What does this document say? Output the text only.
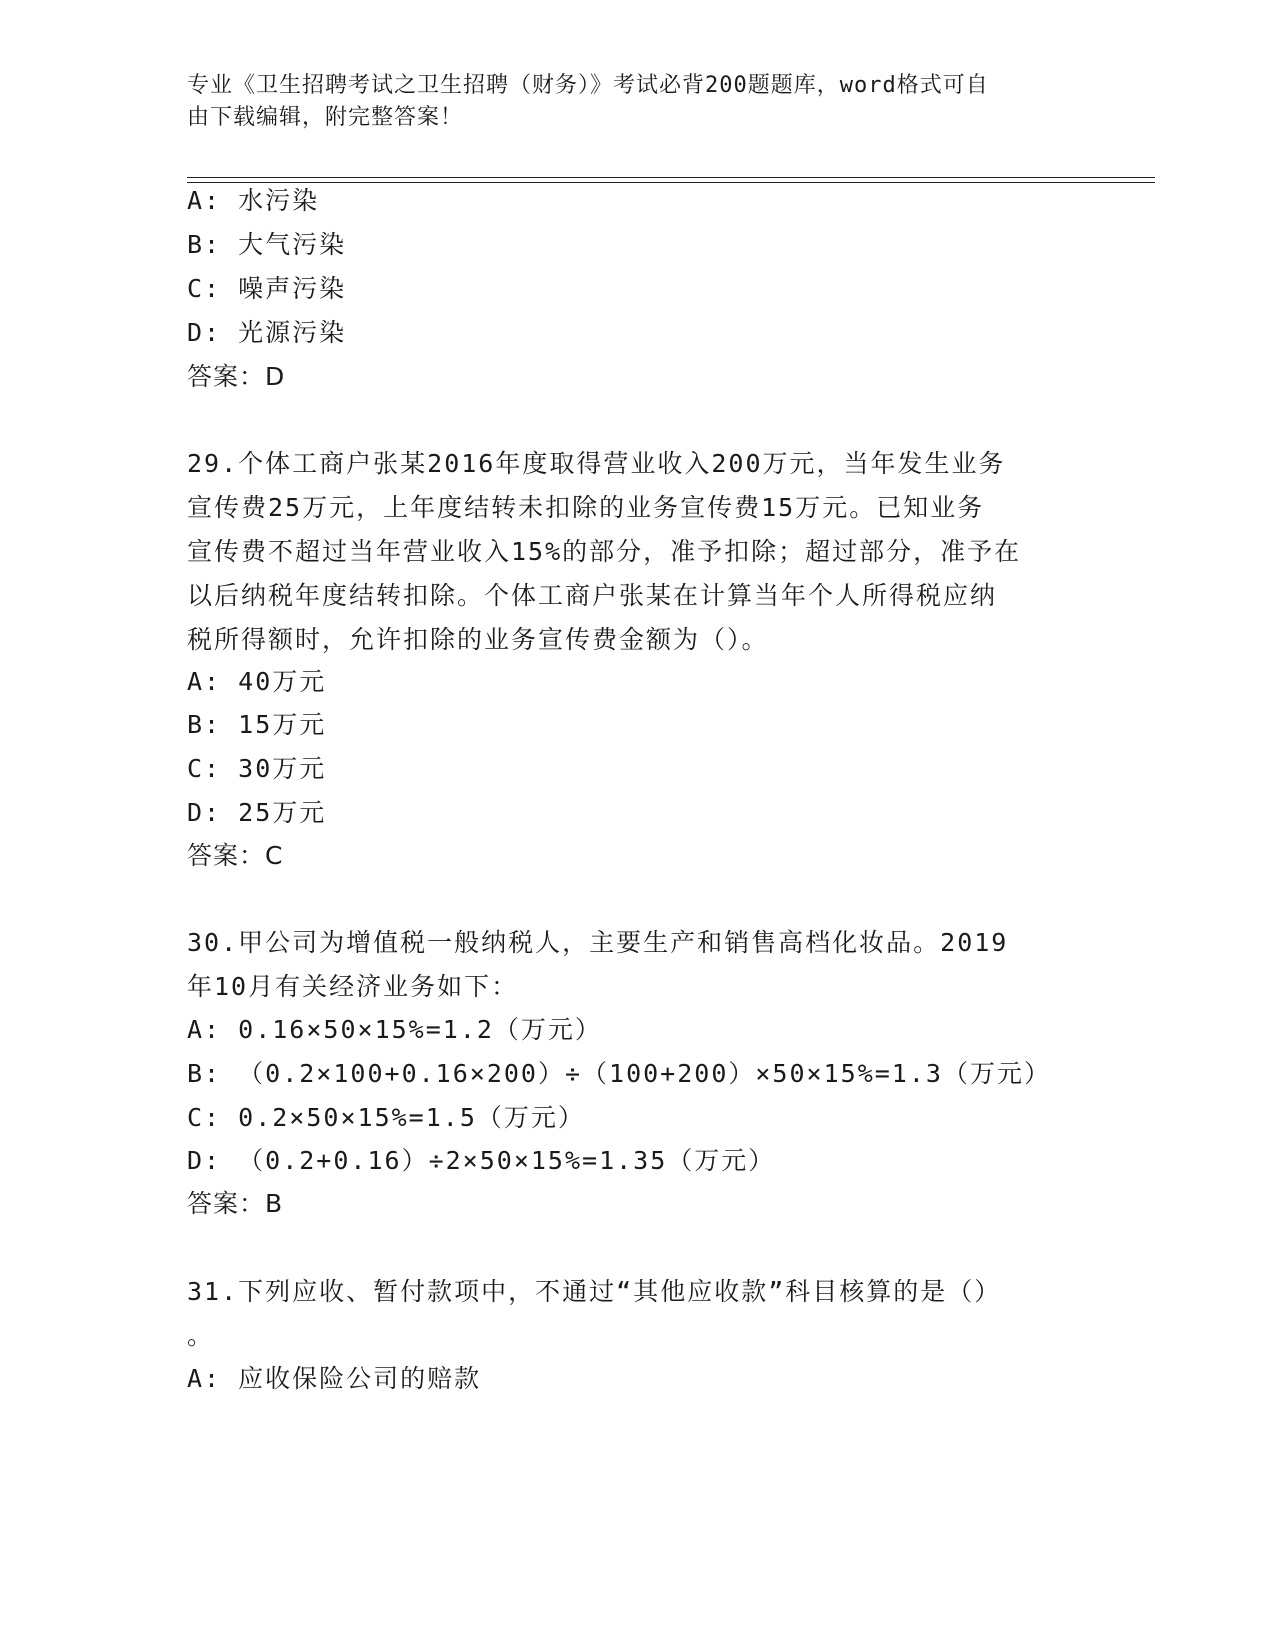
专业《卫生招聘考试之卫生招聘（财务）》考试必背200题题库，word格式可自
由下载编辑，附完整答案！
A: 水污染
B: 大气污染
C: 噪声污染
D: 光源污染
答案：D
29.个体工商户张某2016年度取得营业收入200万元，当年发生业务
宣传费25万元，上年度结转未扣除的业务宣传费15万元。已知业务
宣传费不超过当年营业收入15%的部分，准予扣除；超过部分，准予在
以后纳税年度结转扣除。个体工商户张某在计算当年个人所得税应纳
税所得额时，允许扣除的业务宣传费金额为（）。
A: 40万元
B: 15万元
C: 30万元
D: 25万元
答案：C
30.甲公司为增值税一般纳税人，主要生产和销售高档化妆品。2019
年10月有关经济业务如下：
A: 0.16×50×15%=1.2（万元）
B: （0.2×100+0.16×200）÷（100+200）×50×15%=1.3（万元）
C: 0.2×50×15%=1.5（万元）
D: （0.2+0.16）÷2×50×15%=1.35（万元）
答案：B
31.下列应收、暂付款项中，不通过“其他应收款”科目核算的是（）
。
A: 应收保险公司的赔款
